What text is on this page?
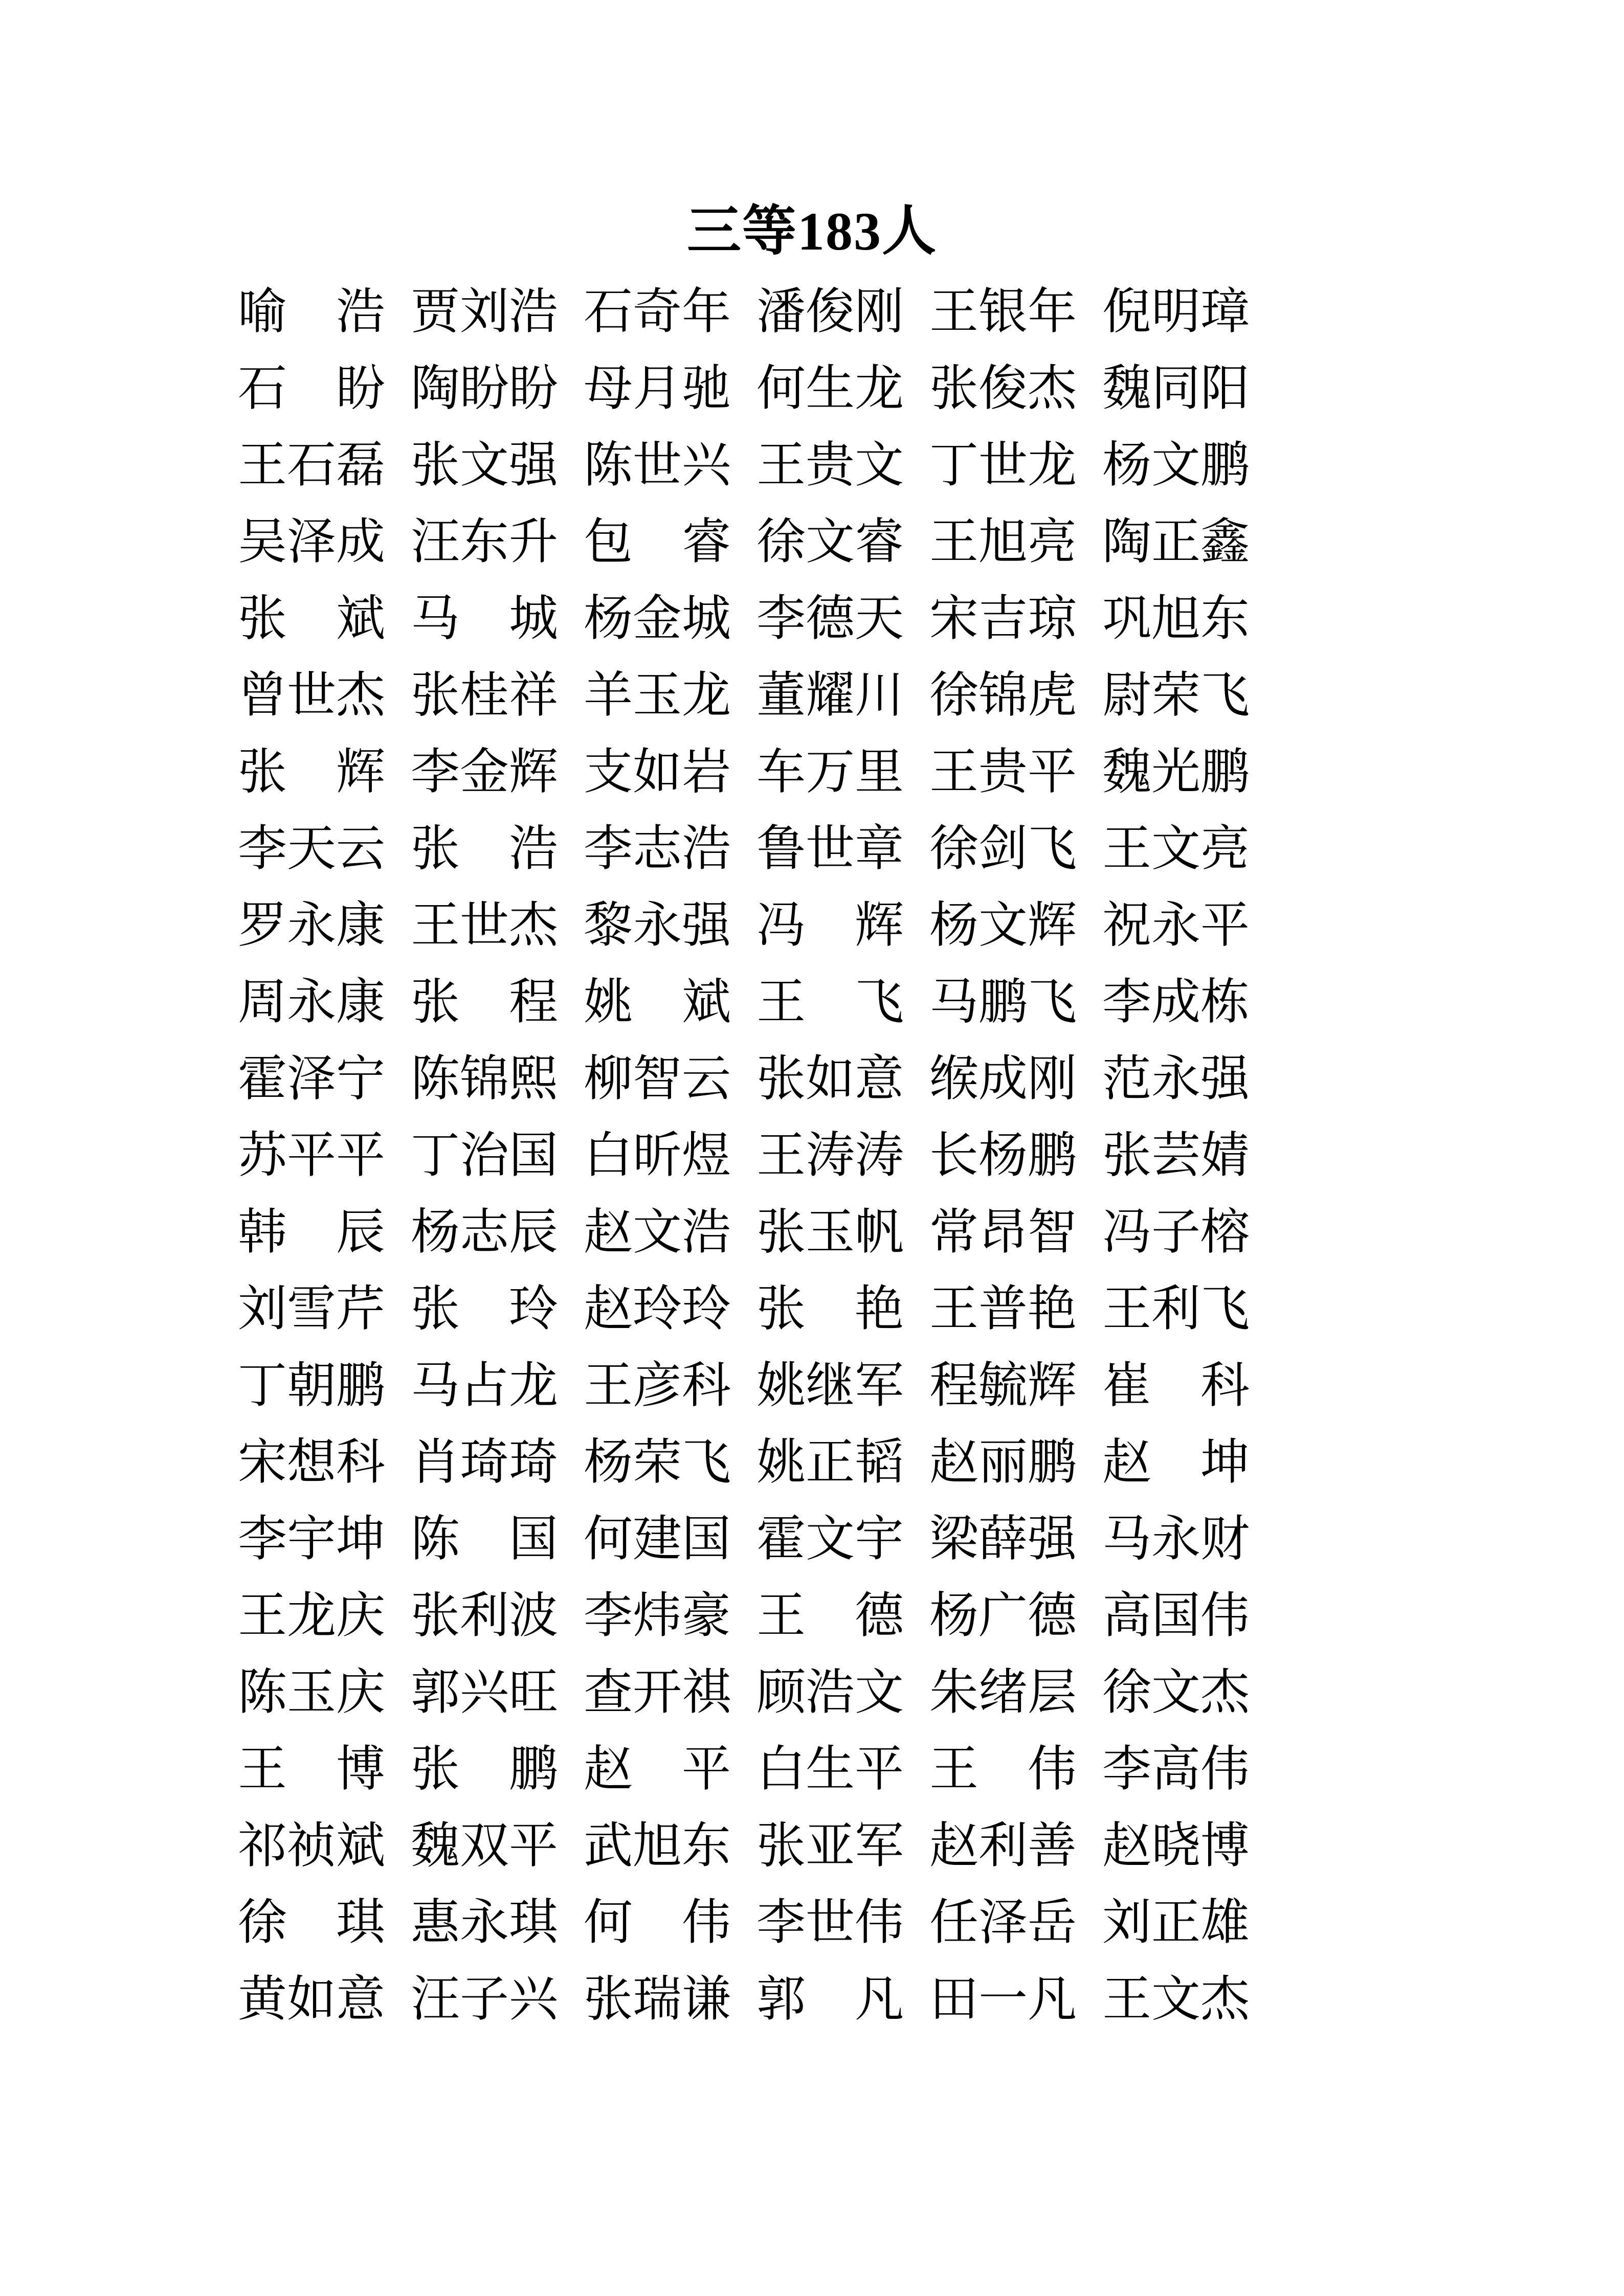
三等183人
喻　浩 贾刘浩 石奇年 潘俊刚 王银年 倪明璋
石　盼 陶盼盼 母月驰 何生龙 张俊杰 魏同阳
王石磊 张文强 陈世兴 王贵文 丁世龙 杨文鹏
吴泽成 汪东升 包　睿 徐文睿 王旭亮 陶正鑫
张　斌 马　城 杨金城 李德天 宋吉琼 巩旭东
曾世杰 张桂祥 羊玉龙 董耀川 徐锦虎 尉荣飞
张　辉 李金辉 支如岩 车万里 王贵平 魏光鹏
李天云 张　浩 李志浩 鲁世章 徐剑飞 王文亮
罗永康 王世杰 黎永强 冯　辉 杨文辉 祝永平
周永康 张　程 姚　斌 王　飞 马鹏飞 李成栋
霍泽宁 陈锦熙 柳智云 张如意 缑成刚 范永强
苏平平 丁治国 白昕煜 王涛涛 长杨鹏 张芸婧
韩　辰 杨志辰 赵文浩 张玉帆 常昂智 冯子榕
刘雪芹 张　玲 赵玲玲 张　艳 王普艳 王利飞
丁朝鹏 马占龙 王彦科 姚继军 程毓辉 崔　科
宋想科 肖琦琦 杨荣飞 姚正韬 赵丽鹏 赵　坤
李宇坤 陈　国 何建国 霍文宇 梁薛强 马永财
王龙庆 张利波 李炜豪 王　德 杨广德 高国伟
陈玉庆 郭兴旺 查开祺 顾浩文 朱绪层 徐文杰
王　博 张　鹏 赵　平 白生平 王　伟 李高伟
祁祯斌 魏双平 武旭东 张亚军 赵利善 赵晓博
徐　琪 惠永琪 何　伟 李世伟 任泽岳 刘正雄
黄如意 汪子兴 张瑞谦 郭　凡 田一凡 王文杰
